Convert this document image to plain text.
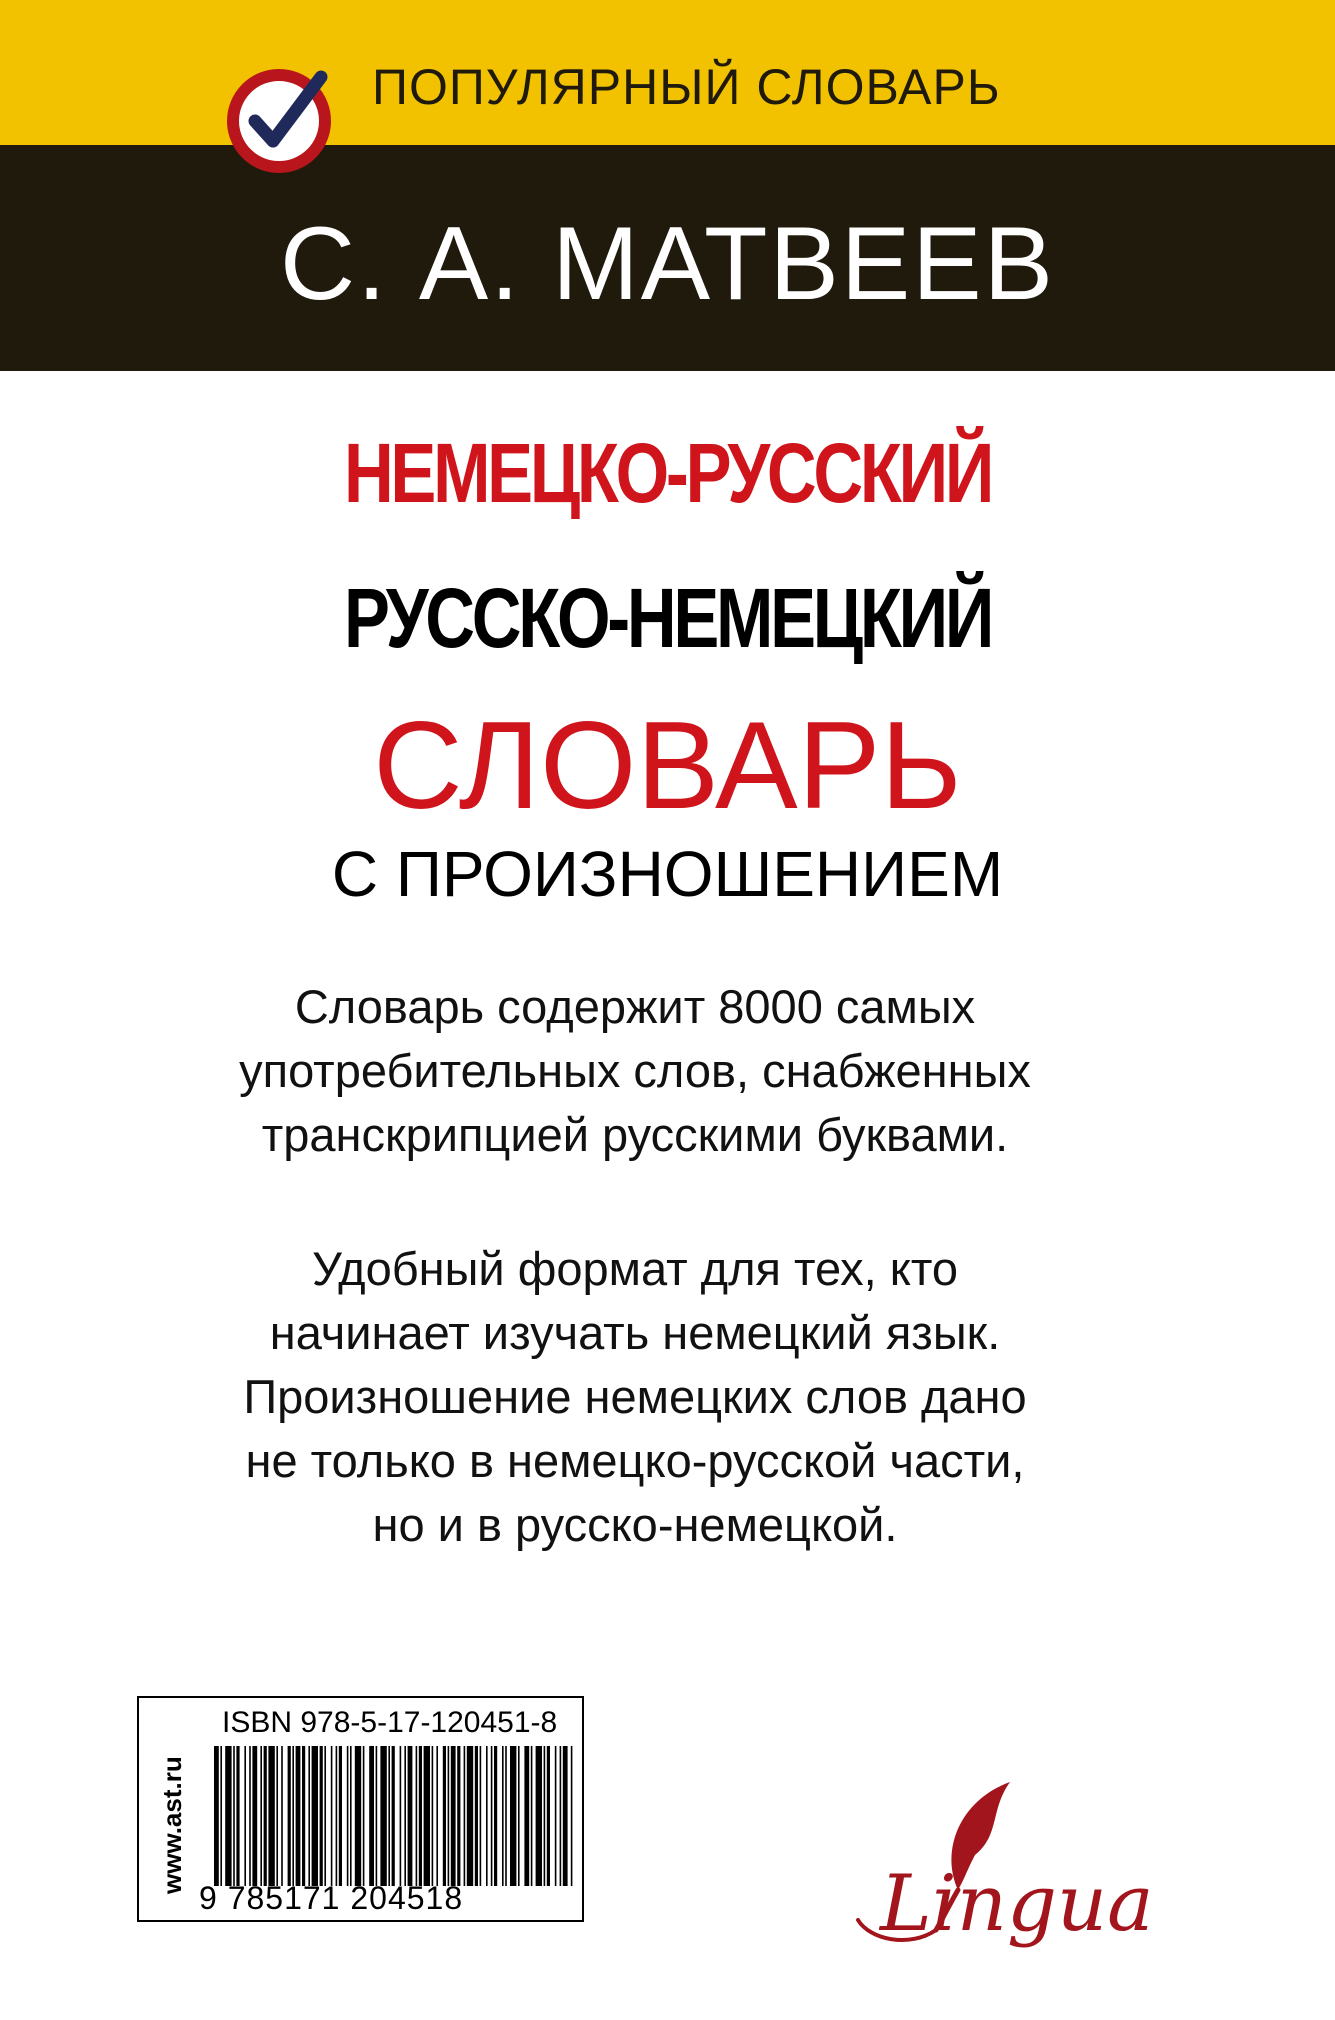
ПОПУЛЯРНЫЙ СЛОВАРЬ
С. А. МАТВЕЕВ
НЕМЕЦКО-РУССКИЙ
РУССКО-НЕМЕЦКИЙ
СЛОВАРЬ
С ПРОИЗНОШЕНИЕМ
Словарь содержит 8000 самых
употребительных слов, снабженных
транскрипцией русскими буквами.
Удобный формат для тех, кто
начинает изучать немецкий язык.
Произношение немецких слов дано
не только в немецко-русской части,
но и в русско-немецкой.
www.ast.ru
ISBN 978-5-17-120451-8
9 785171 204518	Lingua
